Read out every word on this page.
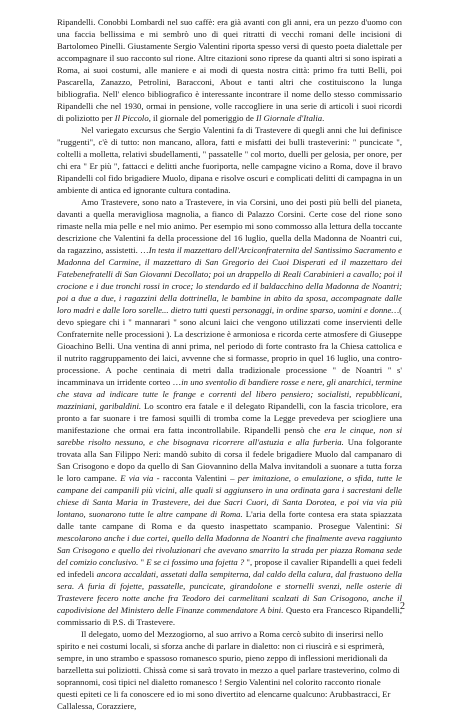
Ripandelli. Conobbi Lombardi nel suo caffè: era già avanti con gli anni, era un pezzo d'uomo con una faccia bellissima e mi sembrò uno di quei ritratti di vecchi romani delle incisioni di Bartolomeo Pinelli. Giustamente Sergio Valentini riporta spesso versi di questo poeta dialettale per accompagnare il suo racconto sul rione. Altre citazioni sono riprese da quanti altri si sono ispirati a Roma, ai suoi costumi, alle maniere e ai modi di questa nostra città: primo fra tutti Belli, poi Pascarella, Zanazzo, Petrolini, Baracconi, About e tanti altri che costituiscono la lunga bibliografia. Nell' elenco bibliografico è interessante incontrare il nome dello stesso commissario Ripandelli che nel 1930, ormai in pensione, volle raccogliere in una serie di articoli i suoi ricordi di poliziotto per Il Piccolo, il giornale del pomeriggio de Il Giornale d'Italia.

Nel variegato excursus che Sergio Valentini fa di Trastevere di quegli anni che lui definisce "ruggenti", c'è di tutto: non mancano, allora, fatti e misfatti dei bulli trasteverini: " puncicate ", coltelli a molletta, relativi sbudellamenti, " passatelle " col morto, duelli per gelosia, per onore, per chi era " Er più ", fattacci e delitti anche fuoriporta, nelle campagne vicino a Roma, dove il bravo Ripandelli col fido brigadiere Muolo, dipana e risolve oscuri e complicati delitti di campagna in un ambiente di antica ed ignorante cultura contadina.

Amo Trastevere, sono nato a Trastevere, in via Corsini, uno dei posti più belli del pianeta, davanti a quella meravigliosa magnolia, a fianco di Palazzo Corsini. Certe cose del rione sono rimaste nella mia pelle e nel mio animo. Per esempio mi sono commosso alla lettura della toccante descrizione che Valentini fa della processione del 16 luglio, quella della Madonna de Noantri cui, da ragazzino, assistetti. …In testa il mazzettaro dell'Arciconfraternita del Santissimo Sacramento e Madonna del Carmine, il mazzettaro di San Gregorio dei Cuoi Disperati ed il mazzettaro dei Fatebenefratelli di San Giovanni Decollato; poi un drappello di Reali Carabinieri a cavallo; poi il crocione e i due tronchi rossi in croce; lo stendardo ed il baldacchino della Madonna de Noantri; poi a due a due, i ragazzini della dottrinella, le bambine in abito da sposa, accompagnate dalle loro madri e dalle loro sorelle... dietro tutti questi personaggi, in ordine sparso, uomini e donne…( devo spiegare chi i " mannarari " sono alcuni laici che vengono utilizzati come inservienti delle Confraternite nelle processioni ). La descrizione è armoniosa e ricorda certe atmosfere di Giuseppe Gioachino Belli. Una ventina di anni prima, nel periodo di forte contrasto fra la Chiesa cattolica e il nutrito raggruppamento dei laici, avvenne che si formasse, proprio in quel 16 luglio, una contro-processione. A poche centinaia di metri dalla tradizionale processione " de Noantri " s' incamminava un irridente corteo …in uno sventolio di bandiere rosse e nere, gli anarchici, termine che stava ad indicare tutte le frange e correnti del libero pensiero; socialisti, repubblicani, mazziniani, garibaldini. Lo scontro era fatale e il delegato Ripandelli, con la fascia tricolore, era pronto a far suonare i tre famosi squilli di tromba come la Legge prevedeva per sciogliere una manifestazione che ormai era fatta incontrollabile. Ripandelli pensò che era le cinque, non si sarebbe risolto nessuno, e che bisognava ricorrere all'astuzia e alla furberia. Una folgorante trovata alla San Filippo Neri: mandò subito di corsa il fedele brigadiere Muolo dal campanaro di San Crisogono e dopo da quello di San Giovannino della Malva invitandoli a suonare a tutta forza le loro campane. E via via - racconta Valentini – per imitazione, o emulazione, o sfida, tutte le campane dei campanili più vicini, alle quali si aggiunsero in una ordinata gara i sacrestani delle chiese di Santa Maria in Trastevere, dei due Sacri Cuori, di Santa Dorotea, e poi via via più lontano, suonarono tutte le altre campane di Roma. L'aria della forte contesa era stata spiazzata dalle tante campane di Roma e da questo inaspettato scampanio. Prosegue Valentini: Si mescolarono anche i due cortei, quello della Madonna de Noantri che finalmente aveva raggiunto San Crisogono e quello dei rivoluzionari che avevano smarrito la strada per piazza Romana sede del comizio conclusivo. " E se ci fossimo una fojetta ? ", propose il cavalier Ripandelli a quei fedeli ed infedeli ancora accaldati, assetati dalla sempiterna, dal caldo della calura, dal frastuono della sera. A furia di fojette, passatelle, puncicate, girandolone e stornelli svenzi, nelle osterie di Trastevere fecero notte anche fra Teodoro dei carmelitani scalzati di San Crisogono, anche il capodivisione del Ministero delle Finanze commendatore A bini. Questo era Francesco Ripandelli, commissario di P.S. di Trastevere.

Il delegato, uomo del Mezzogiorno, al suo arrivo a Roma cercò subito di inserirsi nello spirito e nei costumi locali, si sforza anche di parlare in dialetto: non ci riuscirà e si esprimerà, sempre, in uno strambo e spassoso romanesco spurio, pieno zeppo di inflessioni meridionali da barzelletta sui poliziotti. Chissà come si sarà trovato in mezzo a quel parlare trasteverino, colmo di soprannomi, così tipici nel dialetto romanesco ! Sergio Valentini nel colorito racconto rionale questi epiteti ce li fa conoscere ed io mi sono divertito ad elencarne qualcuno: Arubbastracci, Er Callalessa, Corazziere,

2
